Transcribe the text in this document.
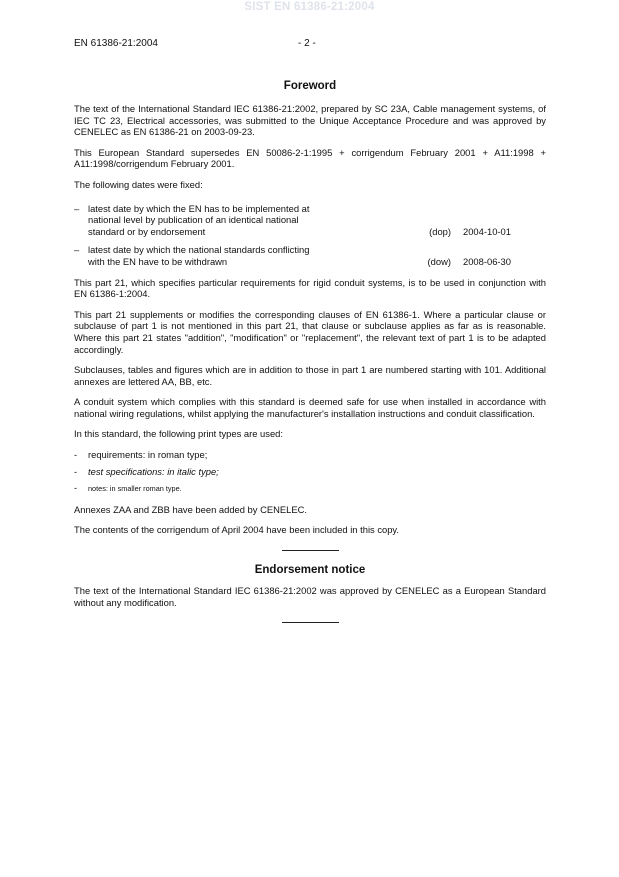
SIST EN 61386-21:2004
EN 61386-21:2004	- 2 -
Foreword

The text of the International Standard IEC 61386-21:2002, prepared by SC 23A, Cable management systems, of IEC TC 23, Electrical accessories, was submitted to the Unique Acceptance Procedure and was approved by CENELEC as EN 61386-21 on 2003-09-23.

This European Standard supersedes EN 50086-2-1:1995 + corrigendum February 2001 + A11:1998 + A11:1998/corrigendum February 2001.

The following dates were fixed:

– latest date by which the EN has to be implemented at national level by publication of an identical national standard or by endorsement	(dop) 2004-10-01
– latest date by which the national standards conflicting with the EN have to be withdrawn	(dow) 2008-06-30

This part 21, which specifies particular requirements for rigid conduit systems, is to be used in conjunction with EN 61386-1:2004.

This part 21 supplements or modifies the corresponding clauses of EN 61386-1. Where a particular clause or subclause of part 1 is not mentioned in this part 21, that clause or subclause applies as far as is reasonable. Where this part 21 states "addition", "modification" or "replacement", the relevant text of part 1 is to be adapted accordingly.

Subclauses, tables and figures which are in addition to those in part 1 are numbered starting with 101. Additional annexes are lettered AA, BB, etc.

A conduit system which complies with this standard is deemed safe for use when installed in accordance with national wiring regulations, whilst applying the manufacturer's installation instructions and conduit classification.

In this standard, the following print types are used:

- requirements: in roman type;
- test specifications: in italic type;
- notes: in smaller roman type.

Annexes ZAA and ZBB have been added by CENELEC.

The contents of the corrigendum of April 2004 have been included in this copy.

Endorsement notice

The text of the International Standard IEC 61386-21:2002 was approved by CENELEC as a European Standard without any modification.
